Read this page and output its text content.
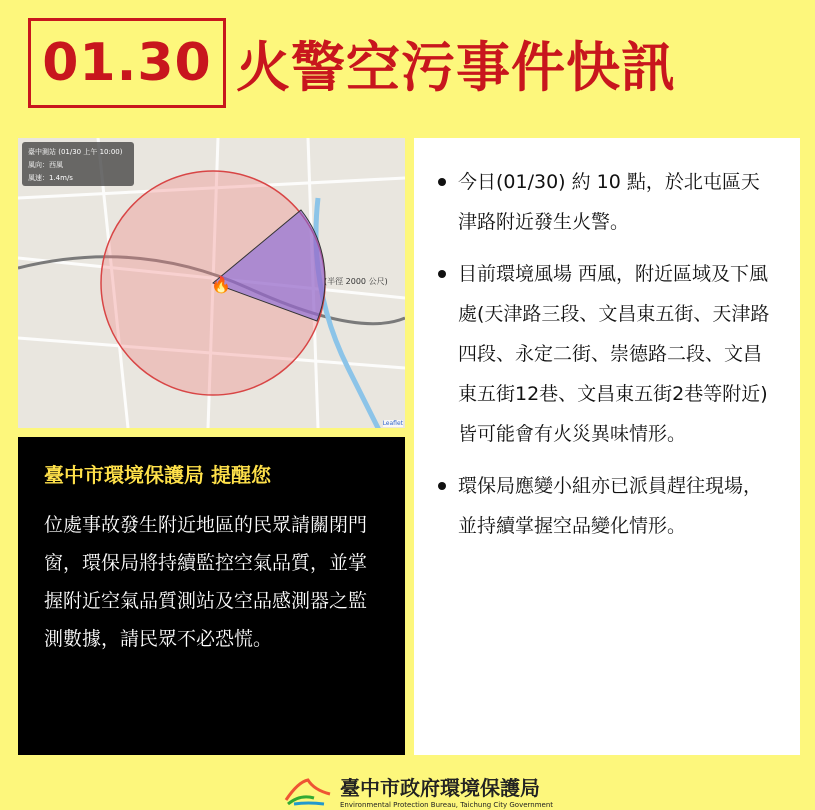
01.30 火警空污事件快訊
🔥
臺中測站 (01/30 上午 10:00)
風向：西風
風速：1.4m/s
(半徑 2000 公尺)
Leaflet
臺中市環境保護局 提醒您

位處事故發生附近地區的民眾請關閉門窗，環保局將持續監控空氣品質，並掌握附近空氣品質測站及空品感測器之監測數據，請民眾不必恐慌。

今日(01/30) 約 10 點，於北屯區天津路附近發生火警。
目前環境風場 西風，附近區域及下風處(天津路三段、文昌東五街、天津路四段、永定二街、崇德路二段、文昌東五街12巷、文昌東五街2巷等附近)皆可能會有火災異味情形。
環保局應變小組亦已派員趕往現場，並持續掌握空品變化情形。
臺中市政府環境保護局
Environmental Protection Bureau, Taichung City Government
